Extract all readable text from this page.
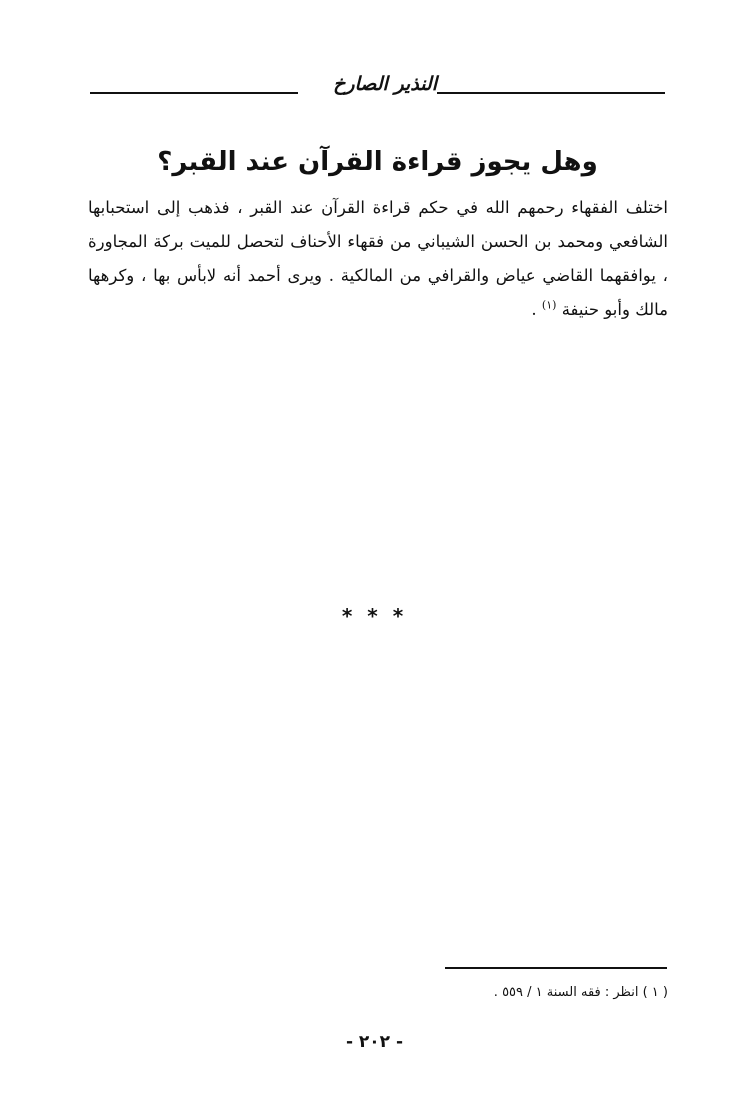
النذير الصارخ
وهل يجوز قراءة القرآن عند القبر؟

اختلف الفقهاء رحمهم الله في حكم قراءة القرآن عند القبر ، فذهب إلى استحبابها الشافعي ومحمد بن الحسن الشيباني من فقهاء الأحناف لتحصل للميت بركة المجاورة ، يوافقهما القاضي عياض والقرافي من المالكية . ويرى أحمد أنه لابأس بها ، وكرهها مالك وأبو حنيفة $^{(١)}$ .

* * *
( ١ ) انظر : فقه السنة ١ / ٥٥٩ .
- ٢٠٢ -
